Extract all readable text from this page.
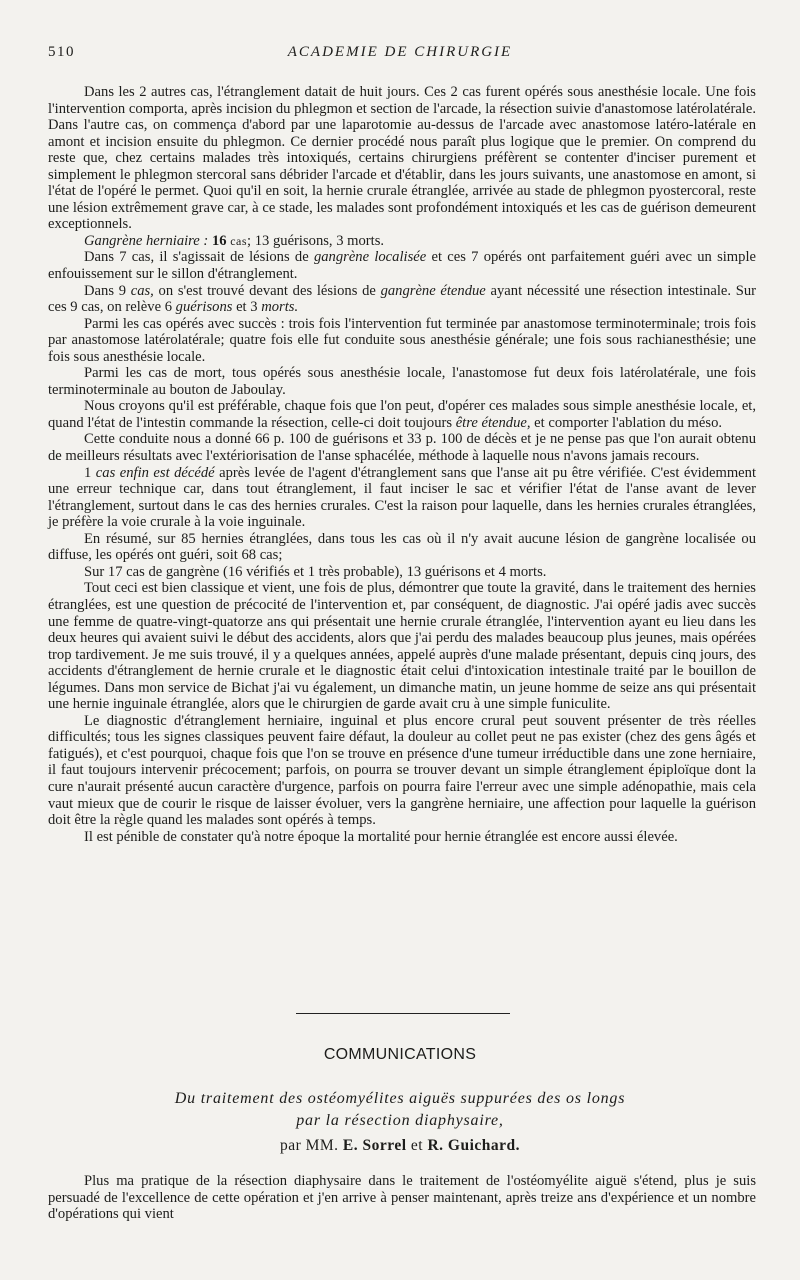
510	ACADEMIE DE CHIRURGIE

Dans les 2 autres cas, l'étranglement datait de huit jours. Ces 2 cas furent opérés sous anesthésie locale. Une fois l'intervention comporta, après incision du phlegmon et section de l'arcade, la résection suivie d'anastomose latérolatérale. Dans l'autre cas, on commença d'abord par une laparotomie au-dessus de l'arcade avec anastomose latéro-latérale en amont et incision ensuite du phlegmon. Ce dernier procédé nous paraît plus logique que le premier. On comprend du reste que, chez certains malades très intoxiqués, certains chirurgiens préfèrent se contenter d'inciser purement et simplement le phlegmon stercoral sans débrider l'arcade et d'établir, dans les jours suivants, une anastomose en amont, si l'état de l'opéré le permet. Quoi qu'il en soit, la hernie crurale étranglée, arrivée au stade de phlegmon pyostercoral, reste une lésion extrêmement grave car, à ce stade, les malades sont profondément intoxiqués et les cas de guérison demeurent exceptionnels.

Gangrène herniaire : 16 cas; 13 guérisons, 3 morts.

Dans 7 cas, il s'agissait de lésions de gangrène localisée et ces 7 opérés ont parfaitement guéri avec un simple enfouissement sur le sillon d'étranglement.

Dans 9 cas, on s'est trouvé devant des lésions de gangrène étendue ayant nécessité une résection intestinale. Sur ces 9 cas, on relève 6 guérisons et 3 morts.

Parmi les cas opérés avec succès : trois fois l'intervention fut terminée par anastomose terminoterminale; trois fois par anastomose latérolatérale; quatre fois elle fut conduite sous anesthésie générale; une fois sous rachianesthésie; une fois sous anesthésie locale.

Parmi les cas de mort, tous opérés sous anesthésie locale, l'anastomose fut deux fois latérolatérale, une fois terminoterminale au bouton de Jaboulay.

Nous croyons qu'il est préférable, chaque fois que l'on peut, d'opérer ces malades sous simple anesthésie locale, et, quand l'état de l'intestin commande la résection, celle-ci doit toujours être étendue, et comporter l'ablation du méso.

Cette conduite nous a donné 66 p. 100 de guérisons et 33 p. 100 de décès et je ne pense pas que l'on aurait obtenu de meilleurs résultats avec l'extériorisation de l'anse sphacélée, méthode à laquelle nous n'avons jamais recours.

1 cas enfin est décédé après levée de l'agent d'étranglement sans que l'anse ait pu être vérifiée. C'est évidemment une erreur technique car, dans tout étranglement, il faut inciser le sac et vérifier l'état de l'anse avant de lever l'étranglement, surtout dans le cas des hernies crurales. C'est la raison pour laquelle, dans les hernies crurales étranglées, je préfère la voie crurale à la voie inguinale.

En résumé, sur 85 hernies étranglées, dans tous les cas où il n'y avait aucune lésion de gangrène localisée ou diffuse, les opérés ont guéri, soit 68 cas;

Sur 17 cas de gangrène (16 vérifiés et 1 très probable), 13 guérisons et 4 morts.

Tout ceci est bien classique et vient, une fois de plus, démontrer que toute la gravité, dans le traitement des hernies étranglées, est une question de précocité de l'intervention et, par conséquent, de diagnostic. J'ai opéré jadis avec succès une femme de quatre-vingt-quatorze ans qui présentait une hernie crurale étranglée, l'intervention ayant eu lieu dans les deux heures qui avaient suivi le début des accidents, alors que j'ai perdu des malades beaucoup plus jeunes, mais opérées trop tardivement. Je me suis trouvé, il y a quelques années, appelé auprès d'une malade présentant, depuis cinq jours, des accidents d'étranglement de hernie crurale et le diagnostic était celui d'intoxication intestinale traité par le bouillon de légumes. Dans mon service de Bichat j'ai vu également, un dimanche matin, un jeune homme de seize ans qui présentait une hernie inguinale étranglée, alors que le chirurgien de garde avait cru à une simple funiculite.

Le diagnostic d'étranglement herniaire, inguinal et plus encore crural peut souvent présenter de très réelles difficultés; tous les signes classiques peuvent faire défaut, la douleur au collet peut ne pas exister (chez des gens âgés et fatigués), et c'est pourquoi, chaque fois que l'on se trouve en présence d'une tumeur irréductible dans une zone herniaire, il faut toujours intervenir précocement; parfois, on pourra se trouver devant un simple étranglement épiploïque dont la cure n'aurait présenté aucun caractère d'urgence, parfois on pourra faire l'erreur avec une simple adénopathie, mais cela vaut mieux que de courir le risque de laisser évoluer, vers la gangrène herniaire, une affection pour laquelle la guérison doit être la règle quand les malades sont opérés à temps.

Il est pénible de constater qu'à notre époque la mortalité pour hernie étranglée est encore aussi élevée.

COMMUNICATIONS
Du traitement des ostéomyélites aiguës suppurées des os longs
par la résection diaphysaire,
par MM. E. Sorrel et R. Guichard.

Plus ma pratique de la résection diaphysaire dans le traitement de l'ostéomyélite aiguë s'étend, plus je suis persuadé de l'excellence de cette opération et j'en arrive à penser maintenant, après treize ans d'expérience et un nombre d'opérations qui vient
